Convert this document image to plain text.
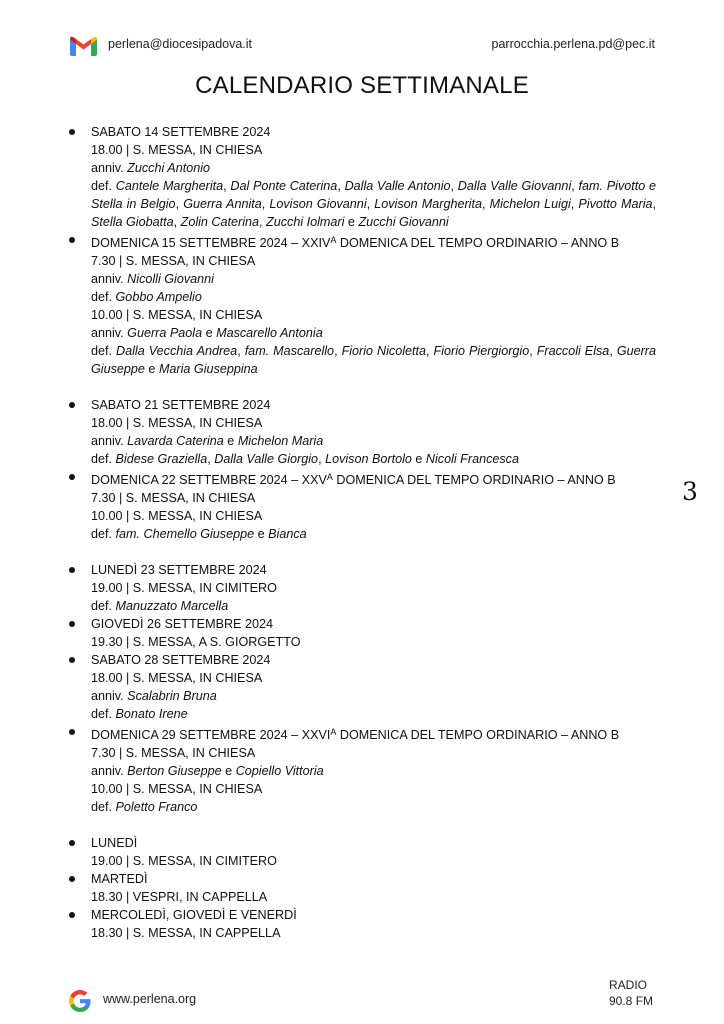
perlena@diocesipadova.it	parrocchia.perlena.pd@pec.it
CALENDARIO SETTIMANALE
3
SABATO 14 SETTEMBRE 2024
18.00 | S. MESSA, IN CHIESA
anniv. Zucchi Antonio
def. Cantele Margherita, Dal Ponte Caterina, Dalla Valle Antonio, Dalla Valle Giovanni, fam. Pivotto e Stella in Belgio, Guerra Annita, Lovison Giovanni, Lovison Margherita, Michelon Luigi, Pivotto Maria, Stella Giobatta, Zolin Caterina, Zucchi Iolmari e Zucchi Giovanni
DOMENICA 15 SETTEMBRE $2024 - XXIV^A$ DOMENICA DEL TEMPO ORDINARIO – ANNO B
7.30 | S. MESSA, IN CHIESA
anniv. Nicolli Giovanni
def. Gobbo Ampelio
10.00 | S. MESSA, IN CHIESA
anniv. Guerra Paola e Mascarello Antonia
def. Dalla Vecchia Andrea, fam. Mascarello, Fiorio Nicoletta, Fiorio Piergiorgio, Fraccoli Elsa, Guerra Giuseppe e Maria Giuseppina
SABATO 21 SETTEMBRE 2024
18.00 | S. MESSA, IN CHIESA
anniv. Lavarda Caterina e Michelon Maria
def. Bidese Graziella, Dalla Valle Giorgio, Lovison Bortolo e Nicoli Francesca
DOMENICA 22 SETTEMBRE $2024 - XXV^A$ DOMENICA DEL TEMPO ORDINARIO – ANNO B
7.30 | S. MESSA, IN CHIESA
10.00 | S. MESSA, IN CHIESA
def. fam. Chemello Giuseppe e Bianca
LUNEDÌ 23 SETTEMBRE 2024
19.00 | S. MESSA, IN CIMITERO
def. Manuzzato Marcella
GIOVEDÌ 26 SETTEMBRE 2024
19.30 | S. MESSA, A S. GIORGETTO
SABATO 28 SETTEMBRE 2024
18.00 | S. MESSA, IN CHIESA
anniv. Scalabrin Bruna
def. Bonato Irene
DOMENICA 29 SETTEMBRE $2024 - XXVI^A$ DOMENICA DEL TEMPO ORDINARIO – ANNO B
7.30 | S. MESSA, IN CHIESA
anniv. Berton Giuseppe e Copiello Vittoria
10.00 | S. MESSA, IN CHIESA
def. Poletto Franco
LUNEDÌ
19.00 | S. MESSA, IN CIMITERO
MARTEDÌ
18.30 | VESPRI, IN CAPPELLA
MERCOLEDÌ, GIOVEDÌ E VENERDÌ
18.30 | S. MESSA, IN CAPPELLA
www.perlena.org
RADIO
90.8 FM
